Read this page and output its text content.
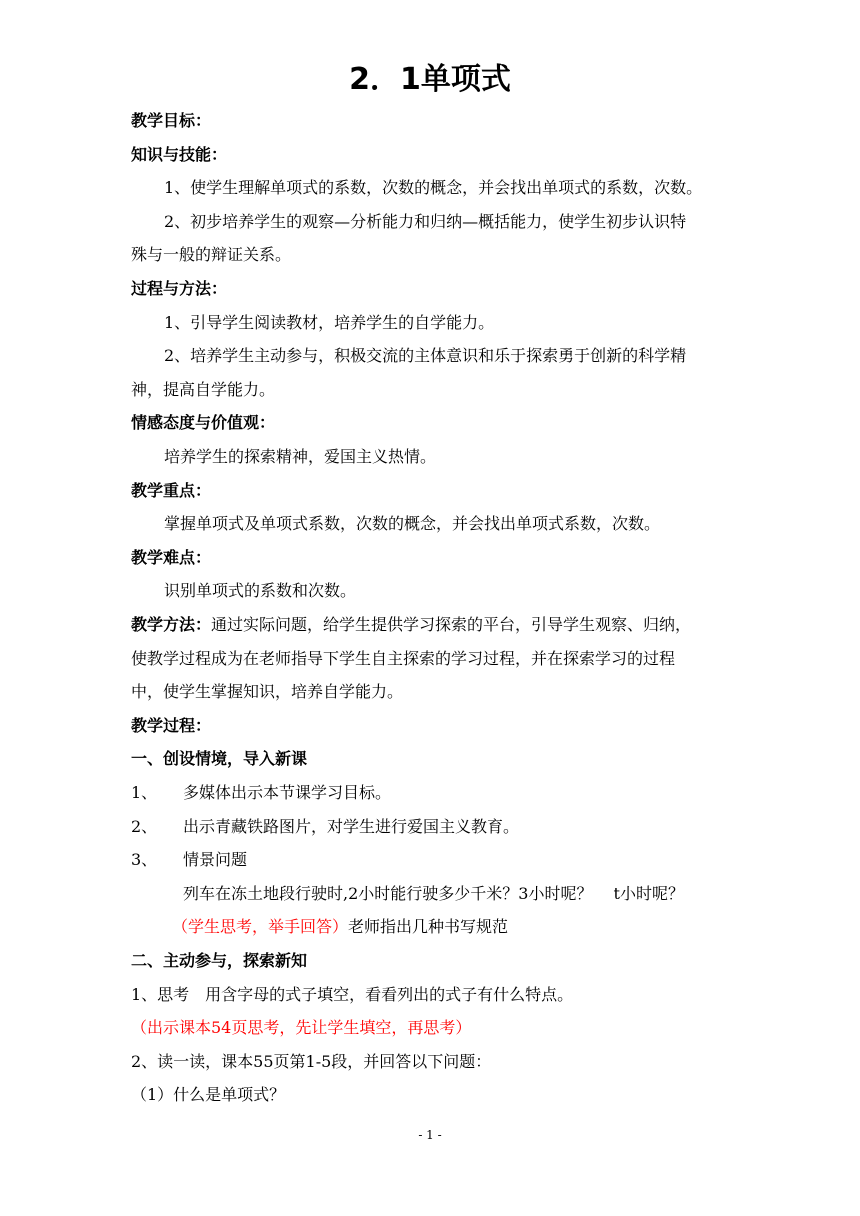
2．1单项式
教学目标：
知识与技能：
1、使学生理解单项式的系数，次数的概念，并会找出单项式的系数，次数。
2、初步培养学生的观察—分析能力和归纳—概括能力，使学生初步认识特
殊与一般的辩证关系。
过程与方法：
1、引导学生阅读教材，培养学生的自学能力。
2、培养学生主动参与，积极交流的主体意识和乐于探索勇于创新的科学精
神，提高自学能力。
情感态度与价值观：
培养学生的探索精神，爱国主义热情。
教学重点：
掌握单项式及单项式系数，次数的概念，并会找出单项式系数，次数。
教学难点：
识别单项式的系数和次数。
教学方法：通过实际问题，给学生提供学习探索的平台，引导学生观察、归纳，
使教学过程成为在老师指导下学生自主探索的学习过程，并在探索学习的过程
中，使学生掌握知识，培养自学能力。
教学过程：
一、创设情境，导入新课
1、 多媒体出示本节课学习目标。
2、 出示青藏铁路图片，对学生进行爱国主义教育。
3、 情景问题
列车在冻土地段行驶时,2小时能行驶多少千米？3小时呢？　 t小时呢？
（学生思考，举手回答）老师指出几种书写规范
二、主动参与，探索新知
1、思考　用含字母的式子填空，看看列出的式子有什么特点。
（出示课本54页思考，先让学生填空，再思考）
2、读一读，课本55页第1-5段，并回答以下问题：
（1）什么是单项式？
- 1 -
